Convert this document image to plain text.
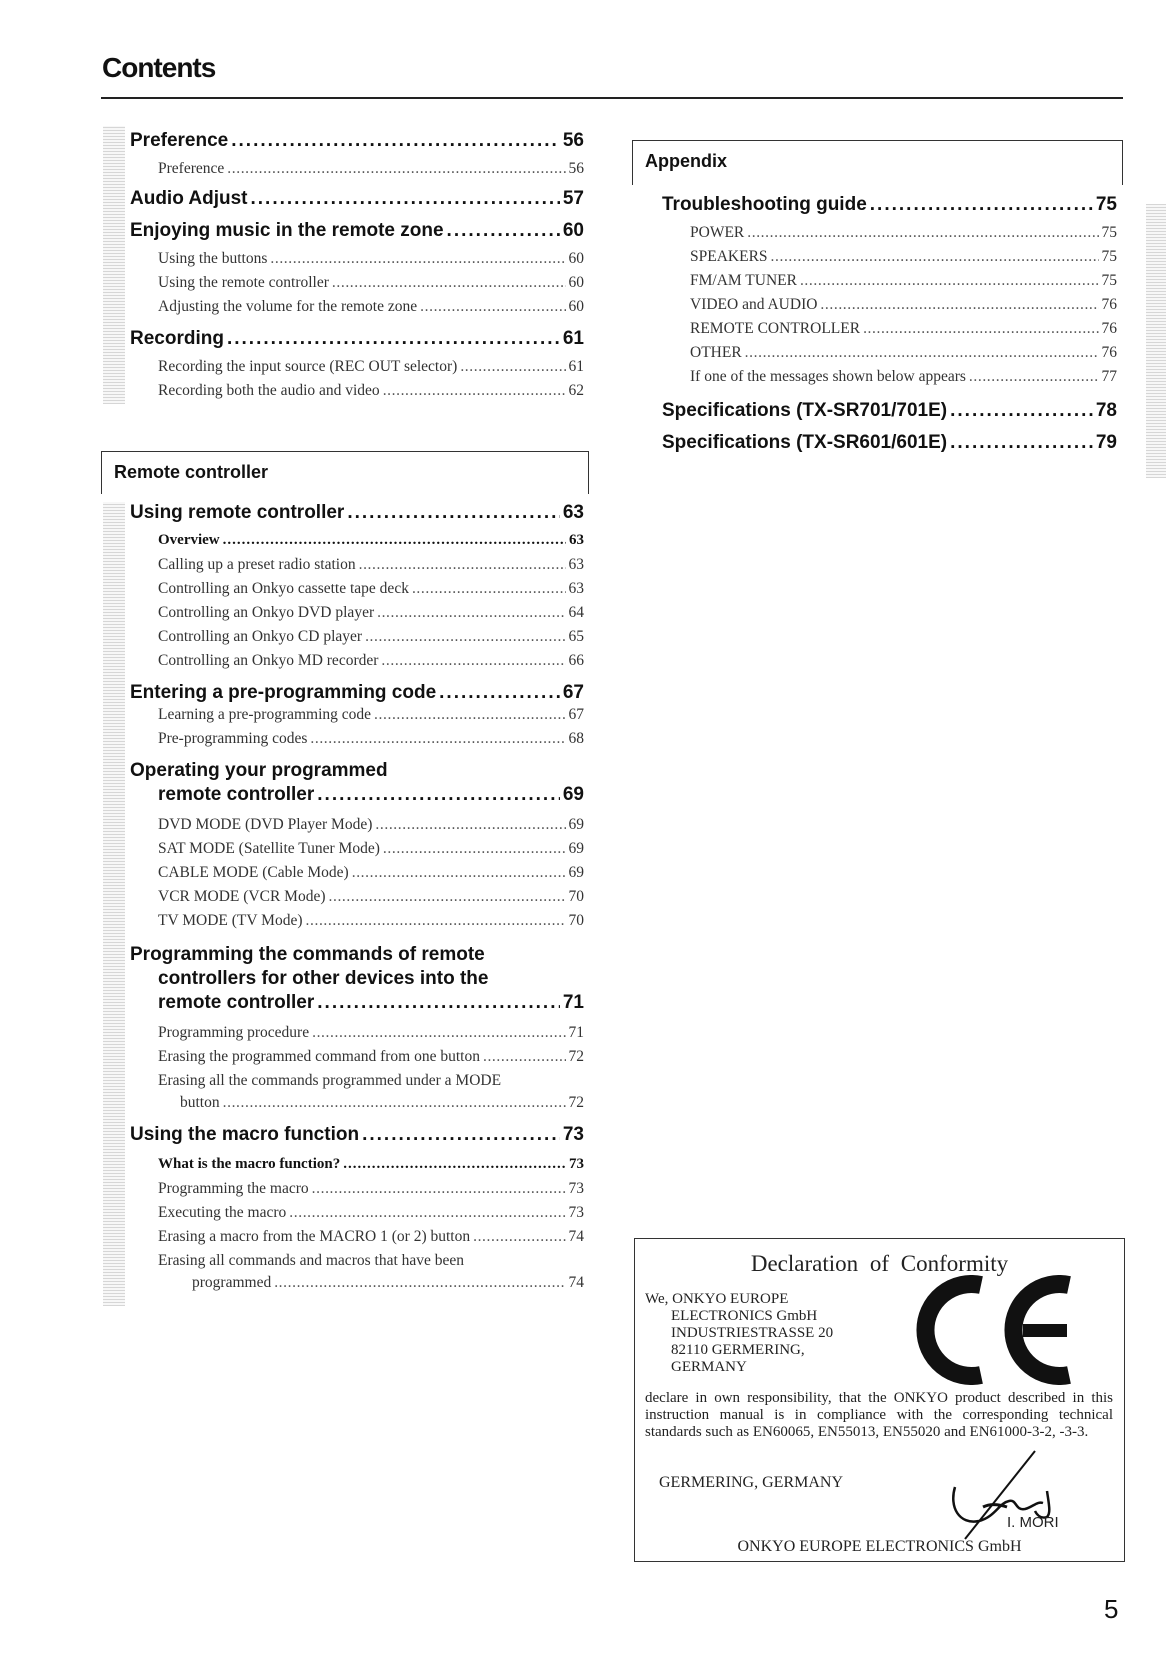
Contents
Preference .....	56
Preference .....	56
Audio Adjust .....	57
Enjoying music in the remote zone .....	60
Using the buttons .....	60
Using the remote controller .....	60
Adjusting the volume for the remote zone .....	60
Recording .....	61
Recording the input source (REC OUT selector) .....	61
Recording both the audio and video .....	62
Using remote controller .....	63
Overview .....	63
Calling up a preset radio station .....	63
Controlling an Onkyo cassette tape deck .....	63
Controlling an Onkyo DVD player .....	64
Controlling an Onkyo CD player .....	65
Controlling an Onkyo MD recorder .....	66
Entering a pre-programming code .....	67
Learning a pre-programming code .....	67
Pre-programming codes .....	68
Operating your programmed
remote controller .....	69
DVD MODE (DVD Player Mode) .....	69
SAT MODE (Satellite Tuner Mode) .....	69
CABLE MODE (Cable Mode) .....	69
VCR MODE (VCR Mode) .....	70
TV MODE (TV Mode) .....	70
Programming the commands of remote
controllers for other devices into the
remote controller .....	71
Programming procedure .....	71
Erasing the programmed command from one button .....	72
Erasing all the commands programmed under a MODE
button .....	72
Using the macro function .....	73
What is the macro function? .....	73
Programming the macro .....	73
Executing the macro .....	73
Erasing a macro from the MACRO 1 (or 2) button .....	74
Erasing all commands and macros that have been
programmed .....	74
Remote controller
Appendix
Troubleshooting guide .....	75
POWER .....	75
SPEAKERS .....	75
FM/AM TUNER .....	75
VIDEO and AUDIO .....	76
REMOTE CONTROLLER .....	76
OTHER .....	76
If one of the messages shown below appears .....	77
Specifications (TX-SR701/701E) .....	78
Specifications (TX-SR601/601E) .....	79
Declaration of Conformity
We, ONKYO EUROPE
ELECTRONICS GmbH
INDUSTRIESTRASSE 20
82110 GERMERING,
GERMANY
declare in own responsibility, that the ONKYO product described in this instruction manual is in compliance with the corresponding technical standards such as EN60065, EN55013, EN55020 and EN61000-3-2, -3-3.
GERMERING, GERMANY
I. MORI
ONKYO EUROPE ELECTRONICS GmbH
5
